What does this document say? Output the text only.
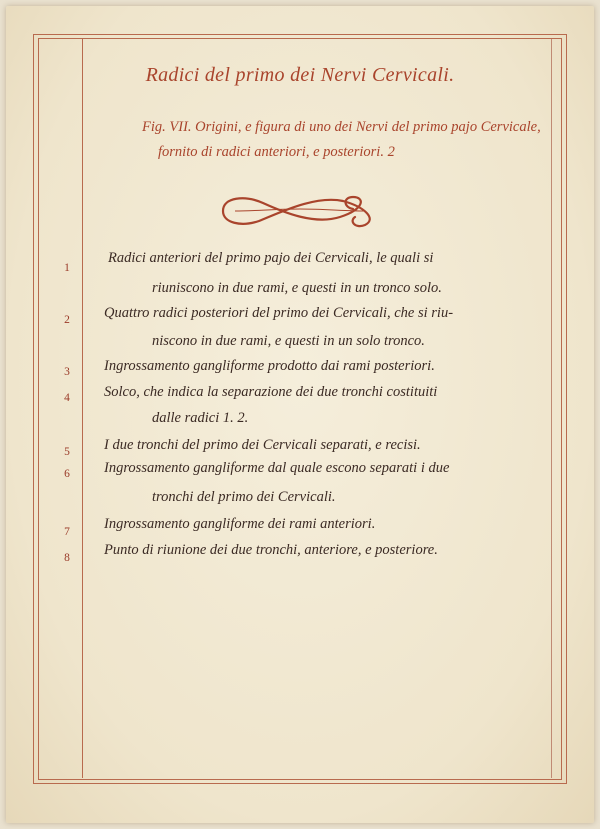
Radici del primo dei Nervi Cervicali.
Fig. VII. Origini, e figura di uno dei Nervi del primo pajo Cervicale,
fornito di radici anteriori, e posteriori. 2
1
Radici anteriori del primo pajo dei Cervicali, le quali si
riuniscono in due rami, e questi in un tronco solo.
2 Quattro radici posteriori del primo dei Cervicali, che si riu-
niscono in due rami, e questi in un solo tronco.
3 Ingrossamento gangliforme prodotto dai rami posteriori.
4 Solco, che indica la separazione dei due tronchi costituiti
dalle radici 1. 2.
5 I due tronchi del primo dei Cervicali separati, e recisi.
6 Ingrossamento gangliforme dal quale escono separati i due
tronchi del primo dei Cervicali.
7 Ingrossamento gangliforme dei rami anteriori.
8 Punto di riunione dei due tronchi, anteriore, e posteriore.
